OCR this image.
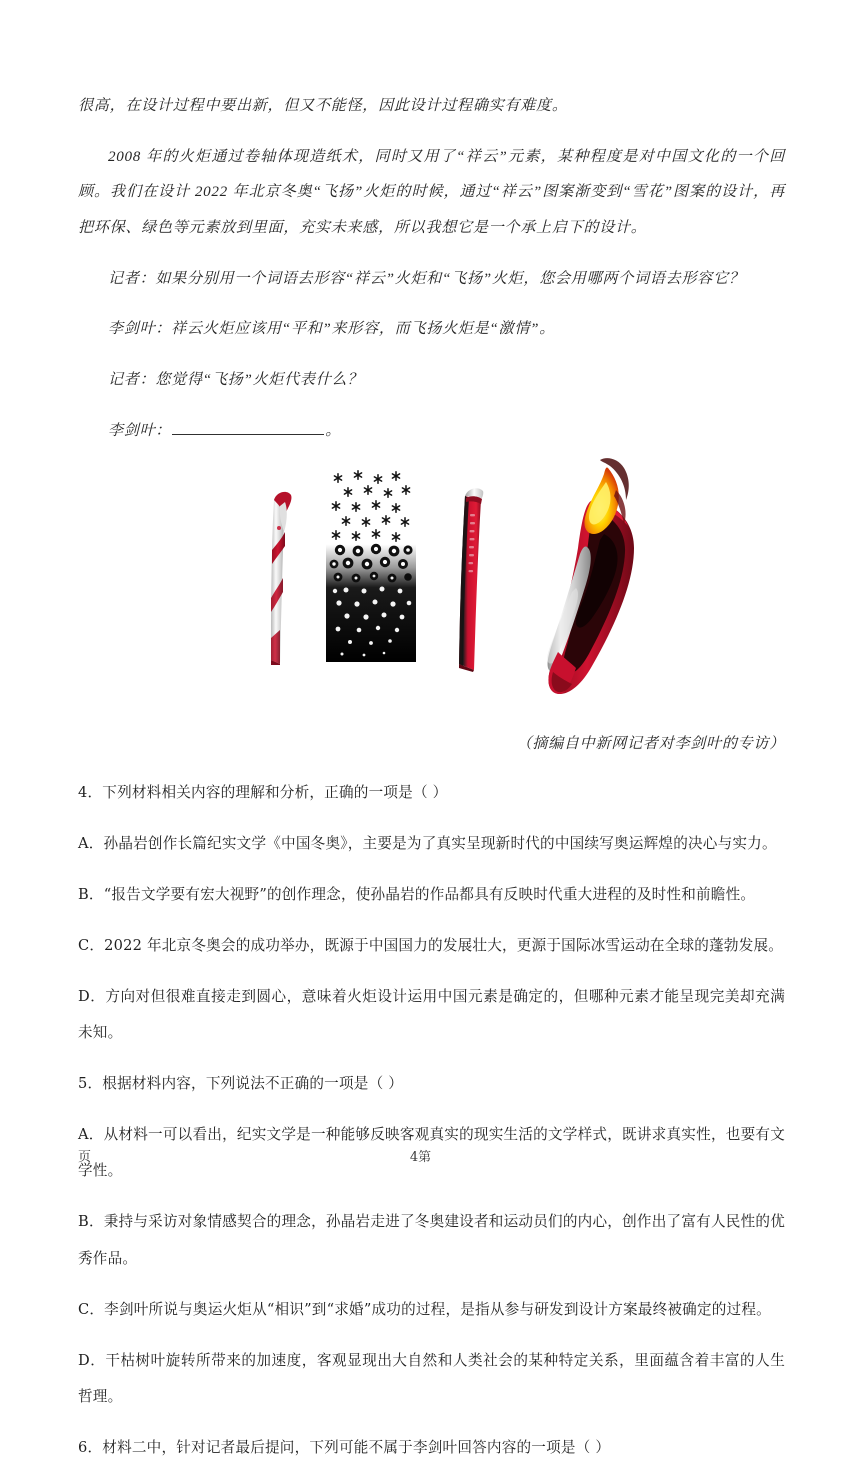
很高，在设计过程中要出新，但又不能怪，因此设计过程确实有难度。

2008 年的火炬通过卷轴体现造纸术，同时又用了“祥云”元素，某种程度是对中国文化的一个回顾。我们在设计 2022 年北京冬奥“飞扬”火炬的时候，通过“祥云”图案渐变到“雪花”图案的设计，再把环保、绿色等元素放到里面，充实未来感，所以我想它是一个承上启下的设计。

记者：如果分别用一个词语去形容“祥云”火炬和“飞扬”火炬，您会用哪两个词语去形容它？

李剑叶：祥云火炬应该用“平和”来形容，而飞扬火炬是“激情”。

记者：您觉得“飞扬”火炬代表什么？

李剑叶：	。

（摘编自中新网记者对李剑叶的专访）

4．下列材料相关内容的理解和分析，正确的一项是（ ）

A．孙晶岩创作长篇纪实文学《中国冬奥》，主要是为了真实呈现新时代的中国续写奥运辉煌的决心与实力。

B．“报告文学要有宏大视野”的创作理念，使孙晶岩的作品都具有反映时代重大进程的及时性和前瞻性。

C．2022 年北京冬奥会的成功举办，既源于中国国力的发展壮大，更源于国际冰雪运动在全球的蓬勃发展。

D．方向对但很难直接走到圆心，意味着火炬设计运用中国元素是确定的，但哪种元素才能呈现完美却充满未知。

5．根据材料内容，下列说法不正确的一项是（ ）

A．从材料一可以看出，纪实文学是一种能够反映客观真实的现实生活的文学样式，既讲求真实性，也要有文学性。

B．秉持与采访对象情感契合的理念，孙晶岩走进了冬奥建设者和运动员们的内心，创作出了富有人民性的优秀作品。

C．李剑叶所说与奥运火炬从“相识”到“求婚”成功的过程，是指从参与研发到设计方案最终被确定的过程。

D．干枯树叶旋转所带来的加速度，客观显现出大自然和人类社会的某种特定关系，里面蕴含着丰富的人生哲理。

6．材料二中，针对记者最后提问，下列可能不属于李剑叶回答内容的一项是（ ）

页	4第
